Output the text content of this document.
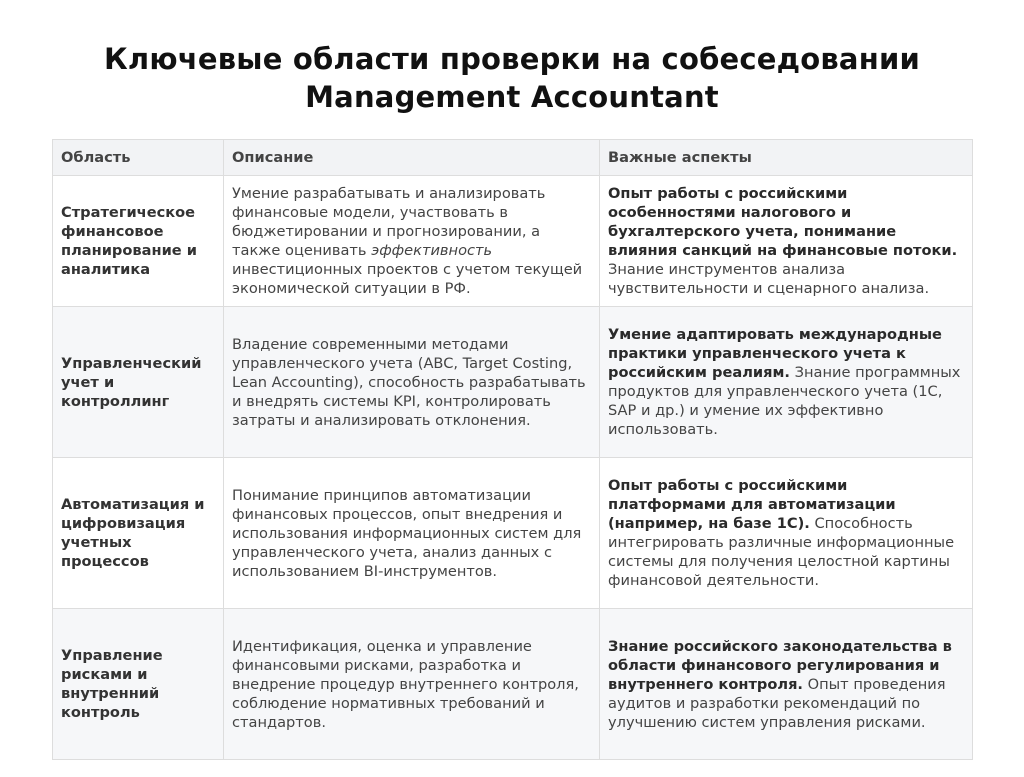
Ключевые области проверки на собеседовании
Management Accountant
Область	Описание	Важные аспекты
Стратегическое финансовое планирование и аналитика	Умение разрабатывать и анализировать финансовые модели, участвовать в бюджетировании и прогнозировании, а также оценивать эффективность инвестиционных проектов с учетом текущей экономической ситуации в РФ.	Опыт работы с российскими особенностями налогового и бухгалтерского учета, понимание влияния санкций на финансовые потоки. Знание инструментов анализа чувствительности и сценарного анализа.
Управленческий учет и контроллинг	Владение современными методами управленческого учета (ABC, Target Costing, Lean Accounting), способность разрабатывать и внедрять системы KPI, контролировать затраты и анализировать отклонения.	Умение адаптировать международные практики управленческого учета к российским реалиям. Знание программных продуктов для управленческого учета (1С, SAP и др.) и умение их эффективно использовать.
Автоматизация и цифровизация учетных процессов	Понимание принципов автоматизации финансовых процессов, опыт внедрения и использования информационных систем для управленческого учета, анализ данных с использованием BI-инструментов.	Опыт работы с российскими платформами для автоматизации (например, на базе 1С). Способность интегрировать различные информационные системы для получения целостной картины финансовой деятельности.
Управление рисками и внутренний контроль	Идентификация, оценка и управление финансовыми рисками, разработка и внедрение процедур внутреннего контроля, соблюдение нормативных требований и стандартов.	Знание российского законодательства в области финансового регулирования и внутреннего контроля. Опыт проведения аудитов и разработки рекомендаций по улучшению систем управления рисками.
